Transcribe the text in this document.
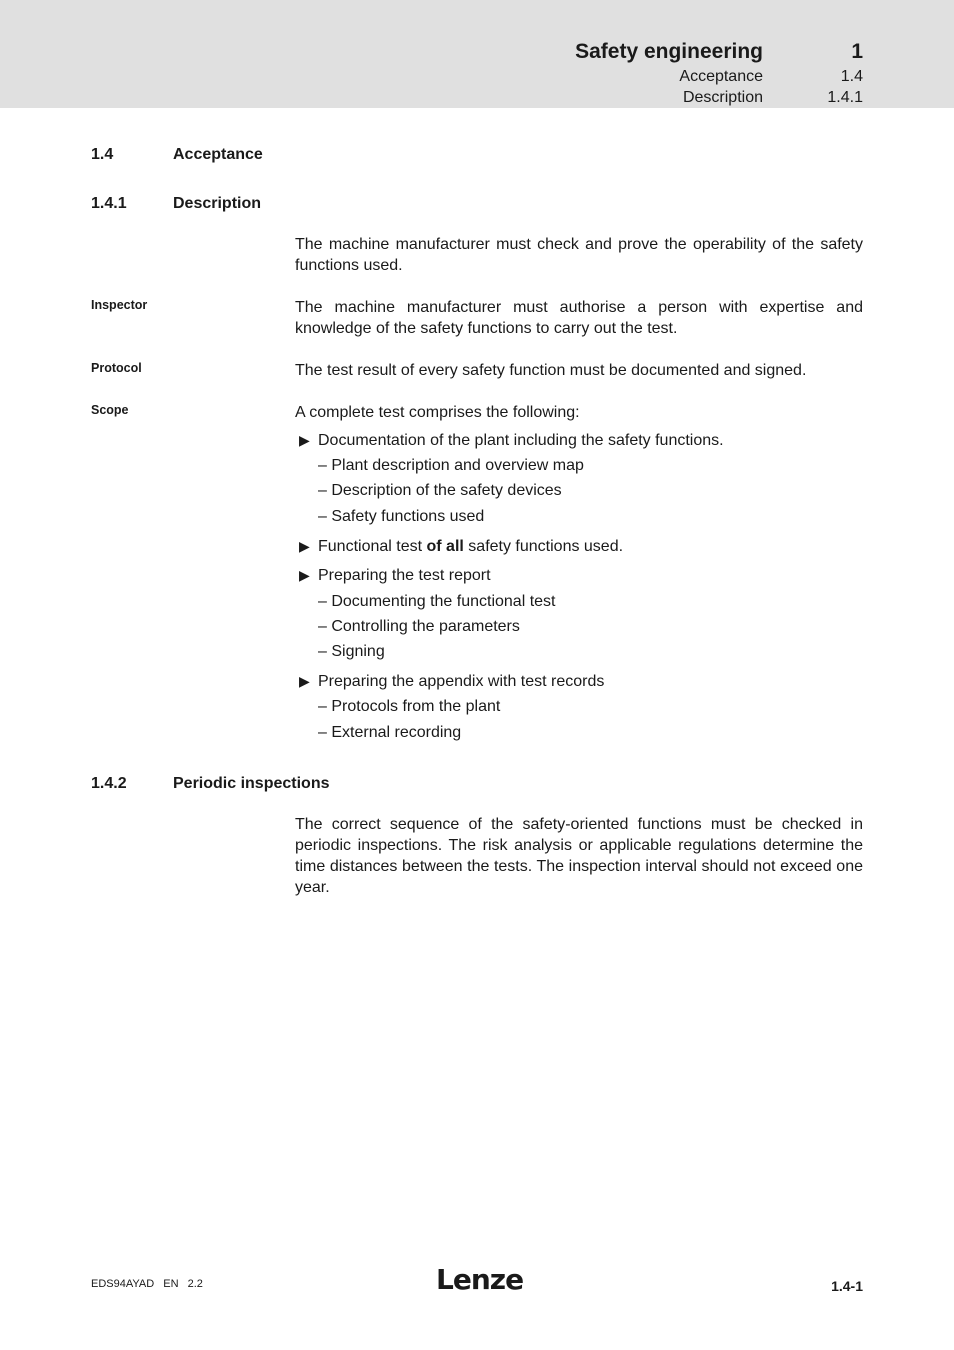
Safety engineering	1
Acceptance	1.4
Description	1.4.1
1.4	Acceptance
1.4.1	Description

The machine manufacturer must check and prove the operability of the safety functions used.

Inspector	The machine manufacturer must authorise a person with expertise and knowledge of the safety functions to carry out the test.

Protocol	The test result of every safety function must be documented and signed.

Scope	A complete test comprises the following:

▶ Documentation of the plant including the safety functions.
– Plant description and overview map
– Description of the safety devices
– Safety functions used
▶ Functional test of all safety functions used.
▶ Preparing the test report
– Documenting the functional test
– Controlling the parameters
– Signing
▶ Preparing the appendix with test records
– Protocols from the plant
– External recording
1.4.2	Periodic inspections

The correct sequence of the safety-oriented functions must be checked in periodic inspections. The risk analysis or applicable regulations determine the time distances between the tests. The inspection interval should not exceed one year.

EDS94AYAD EN 2.2	Lenze	1.4-1
